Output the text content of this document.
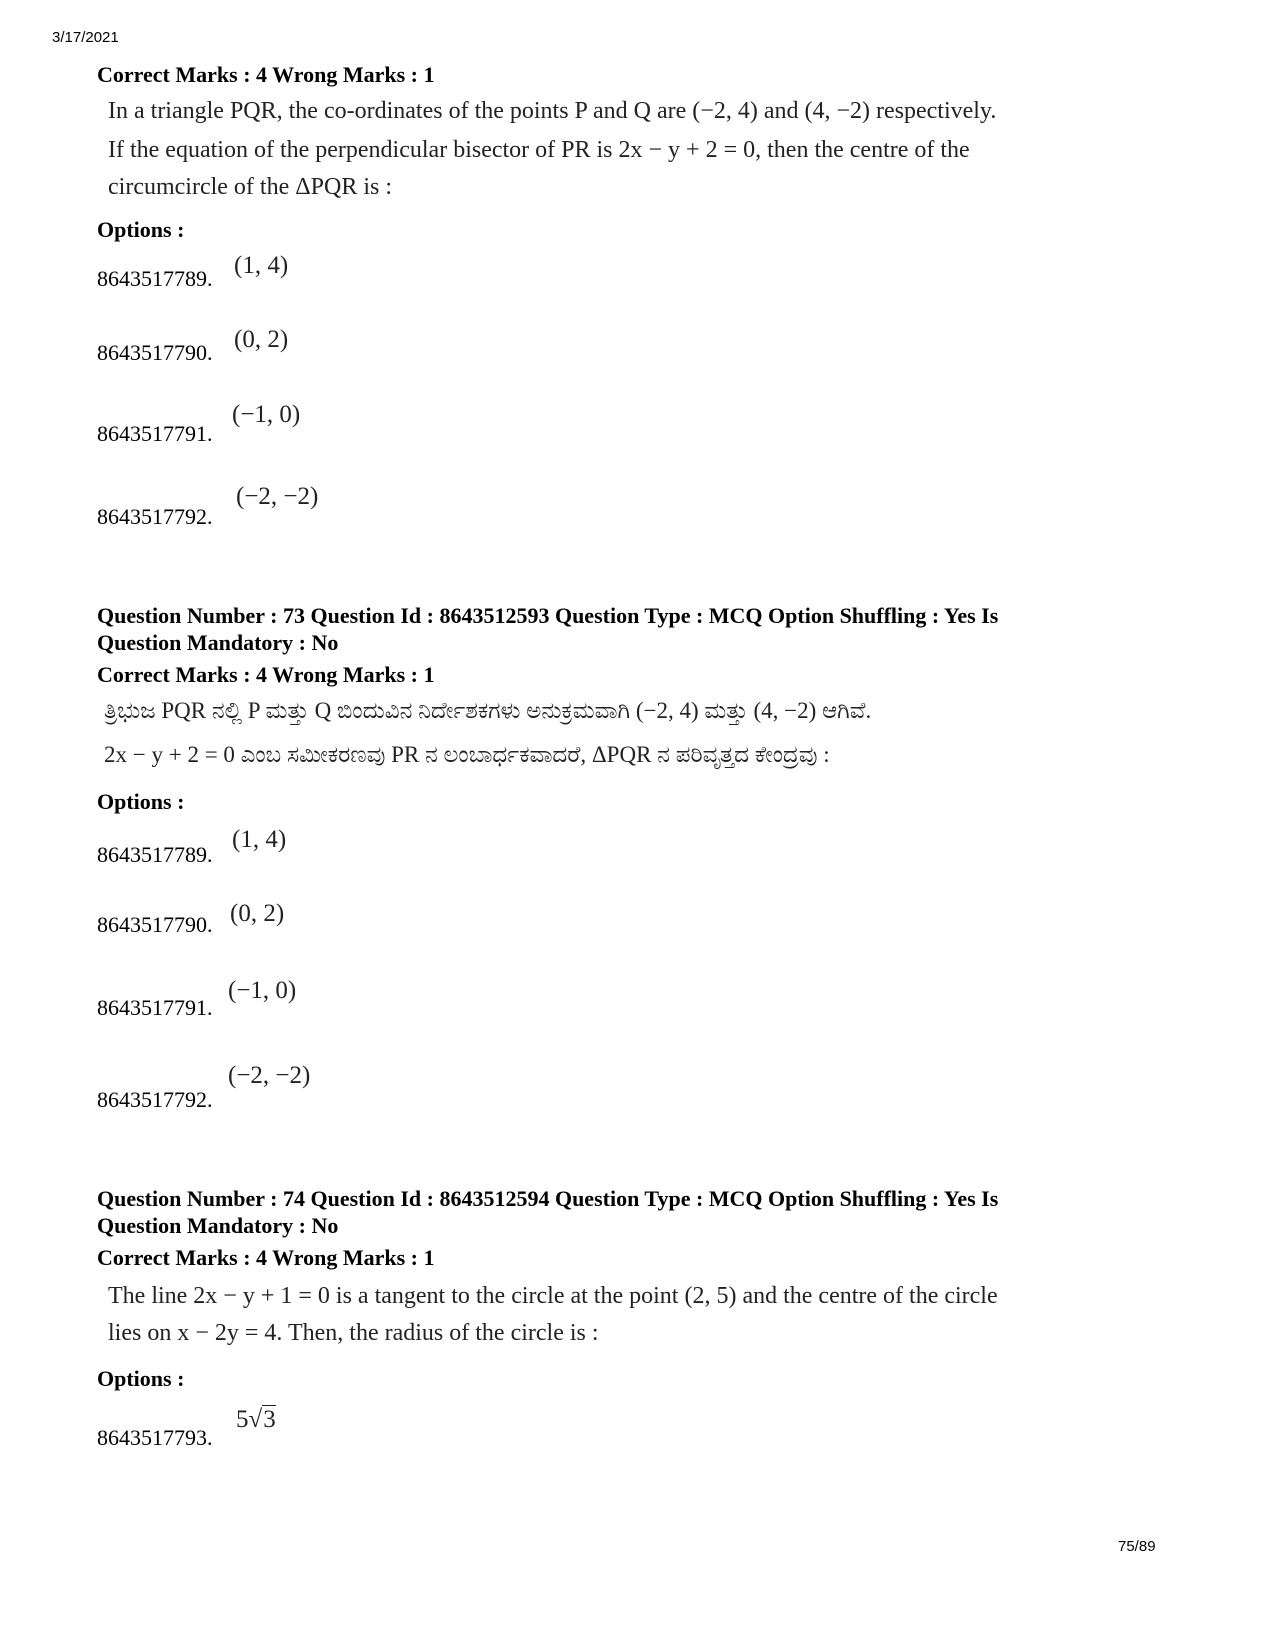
3/17/2021

Correct Marks : 4 Wrong Marks : 1

In a triangle PQR, the co-ordinates of the points P and Q are (−2, 4) and (4, −2) respectively.

If the equation of the perpendicular bisector of PR is 2x − y + 2 = 0, then the centre of the

circumcircle of the ΔPQR is :

Options :

8643517789. (1, 4)
8643517790. (0, 2)
8643517791.
(−1, 0)
8643517792.
(−2, −2)

Question Number : 73 Question Id : 8643512593 Question Type : MCQ Option Shuffling : Yes Is

Question Mandatory : No

Correct Marks : 4 Wrong Marks : 1

ತ್ರಿಭುಜ PQR ನಲ್ಲಿ P ಮತ್ತು Q ಬಿಂದುವಿನ ನಿರ್ದೇಶಕಗಳು ಅನುಕ್ರಮವಾಗಿ (−2, 4) ಮತ್ತು (4, −2) ಆಗಿವೆ.

2x − y + 2 = 0 ಎಂಬ ಸಮೀಕರಣವು PR ನ ಲಂಬಾರ್ಧಕವಾದರೆ, ΔPQR ನ ಪರಿವೃತ್ತದ ಕೇಂದ್ರವು :

Options :

8643517789.
(1, 4)
8643517790. (0, 2)
8643517791.
(−1, 0)
8643517792.
(−2, −2)

Question Number : 74 Question Id : 8643512594 Question Type : MCQ Option Shuffling : Yes Is

Question Mandatory : No

Correct Marks : 4 Wrong Marks : 1

The line 2x − y + 1 = 0 is a tangent to the circle at the point (2, 5) and the centre of the circle

lies on x − 2y = 4. Then, the radius of the circle is :

Options :

8643517793.
5√3
75/89
